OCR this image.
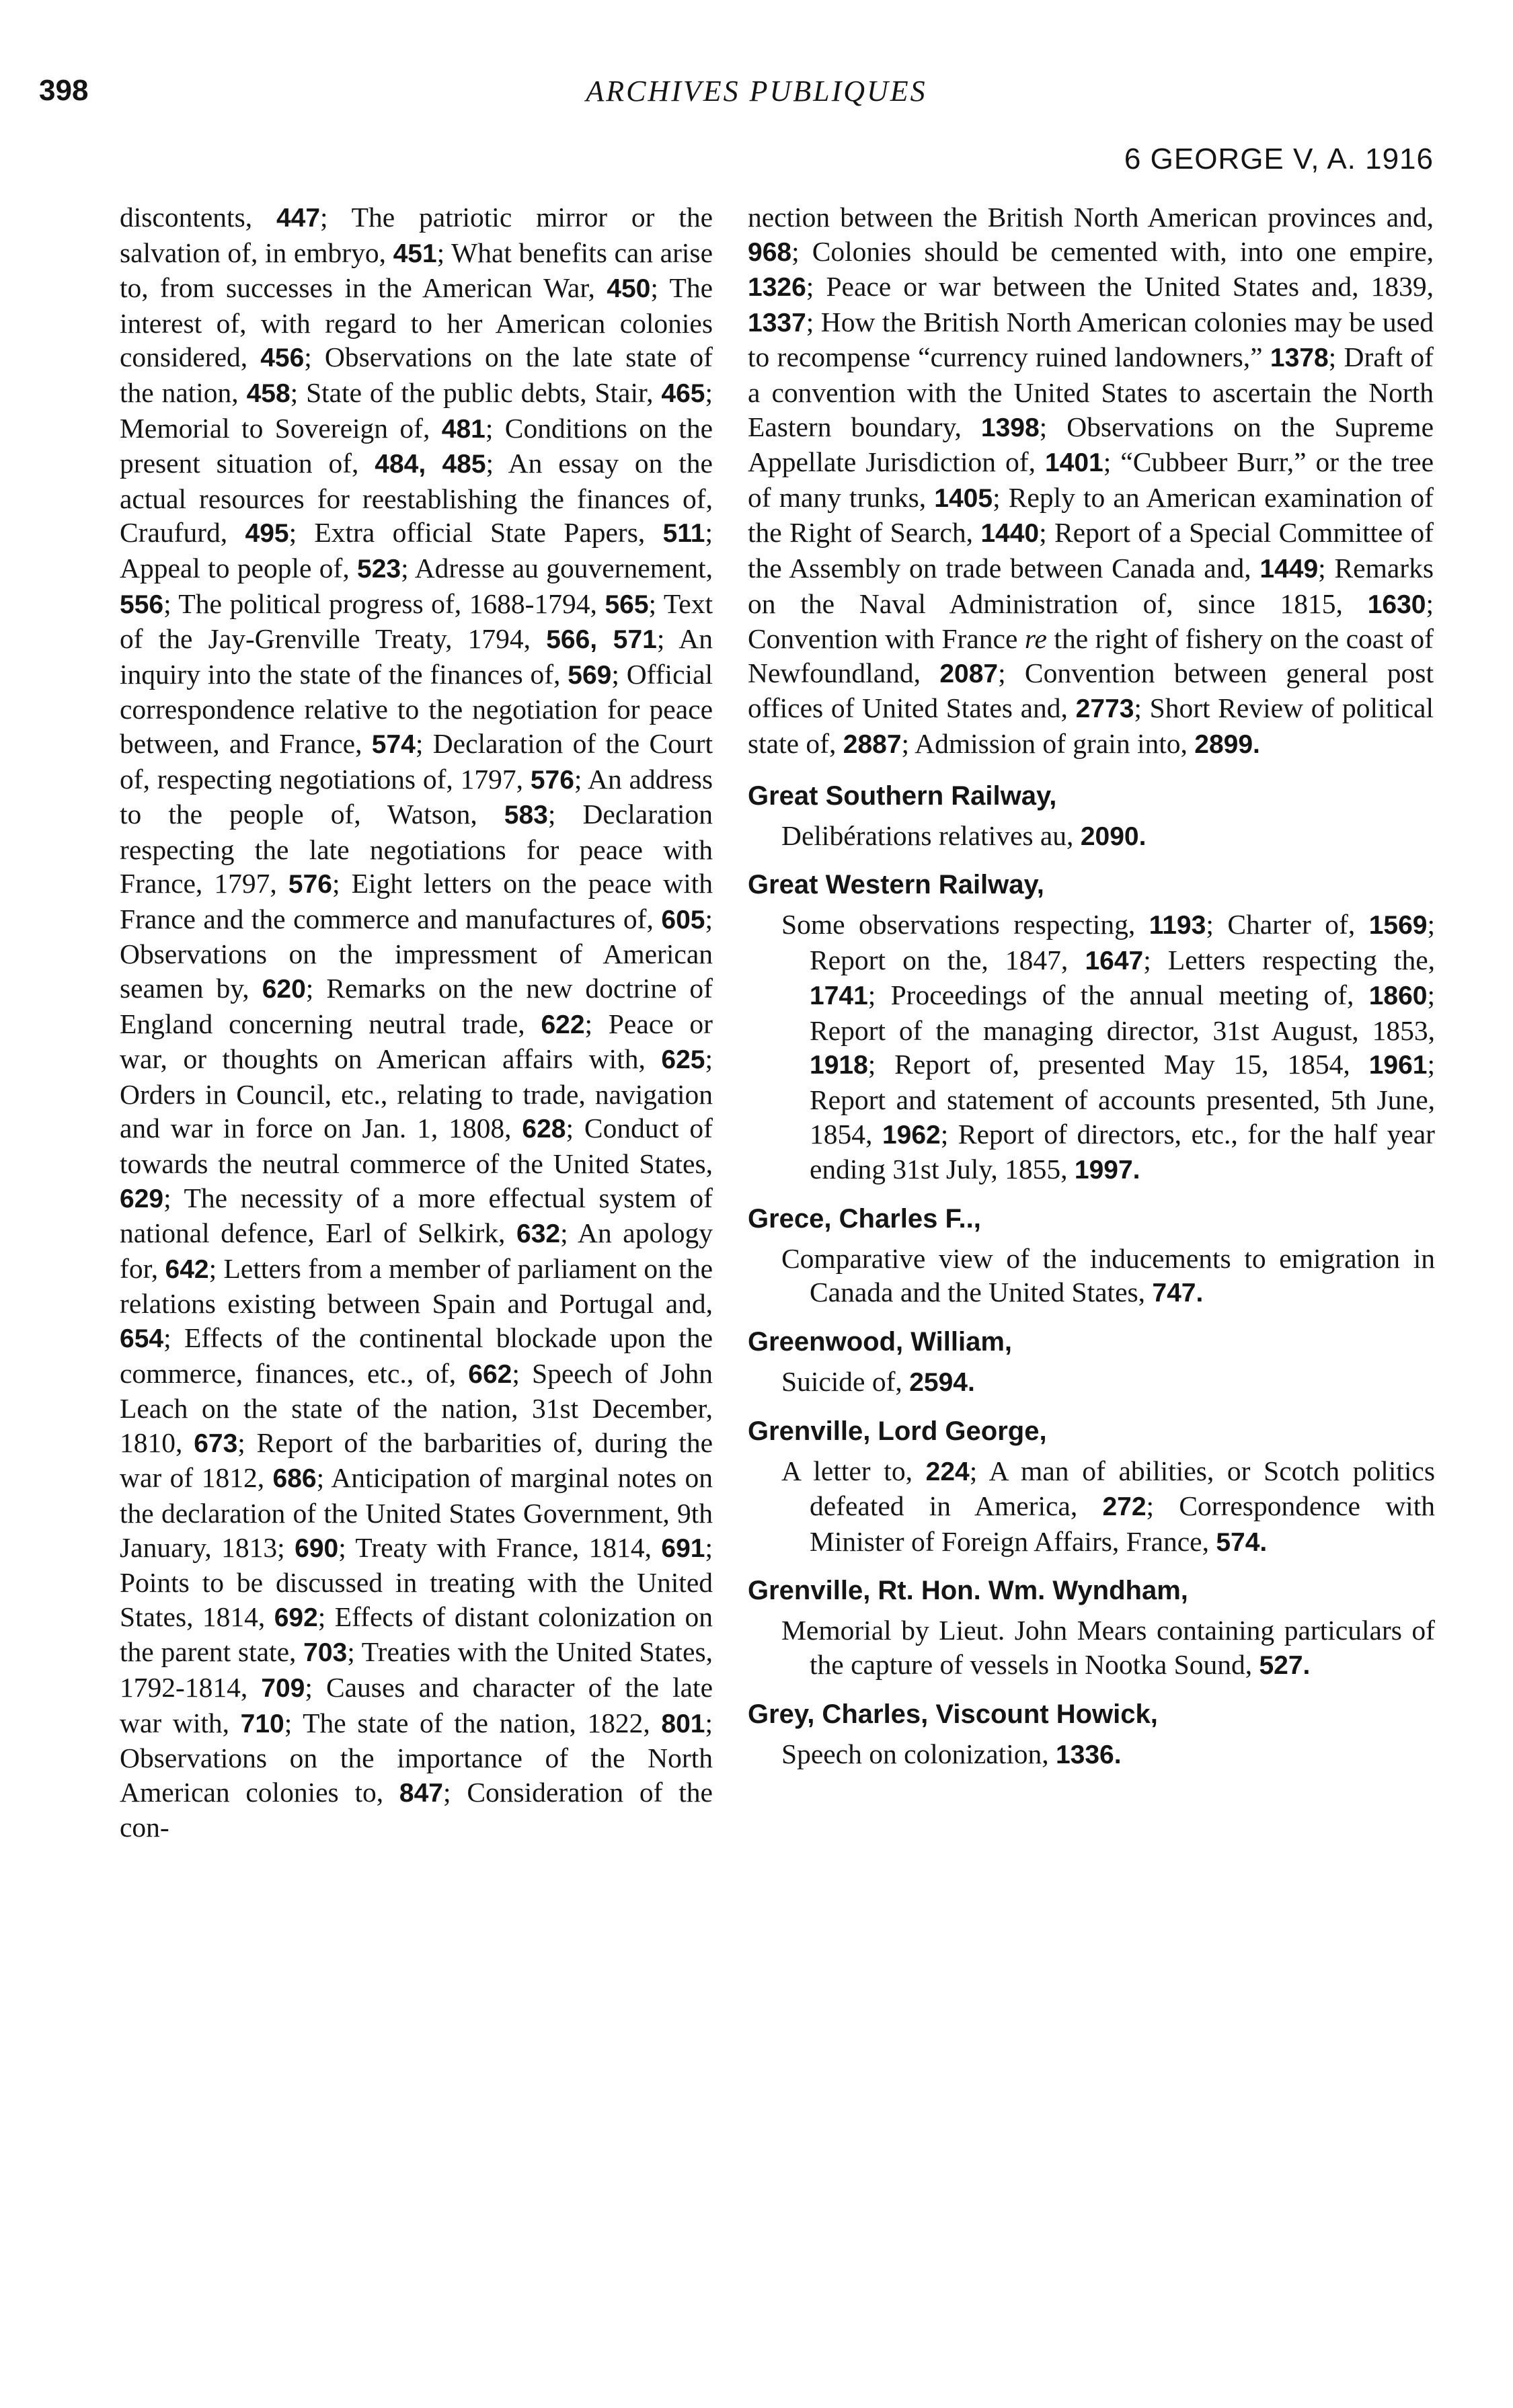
398	ARCHIVES PUBLIQUES
6 GEORGE V, A. 1916

discontents, 447; The patriotic mirror or the salvation of, in embryo, 451; What benefits can arise to, from successes in the American War, 450; The interest of, with regard to her American colonies considered, 456; Observations on the late state of the nation, 458; State of the public debts, Stair, 465; Memorial to Sovereign of, 481; Conditions on the present situation of, 484, 485; An essay on the actual resources for reestablishing the finances of, Craufurd, 495; Extra official State Papers, 511; Appeal to people of, 523; Adresse au gouvernement, 556; The political progress of, 1688-1794, 565; Text of the Jay-Grenville Treaty, 1794, 566, 571; An inquiry into the state of the finances of, 569; Official correspondence relative to the negotiation for peace between, and France, 574; Declaration of the Court of, respecting negotiations of, 1797, 576; An address to the people of, Watson, 583; Declaration respecting the late negotiations for peace with France, 1797, 576; Eight letters on the peace with France and the commerce and manufactures of, 605; Observations on the impressment of American seamen by, 620; Remarks on the new doctrine of England concerning neutral trade, 622; Peace or war, or thoughts on American affairs with, 625; Orders in Council, etc., relating to trade, navigation and war in force on Jan. 1, 1808, 628; Conduct of towards the neutral commerce of the United States, 629; The necessity of a more effectual system of national defence, Earl of Selkirk, 632; An apology for, 642; Letters from a member of parliament on the relations existing between Spain and Portugal and, 654; Effects of the continental blockade upon the commerce, finances, etc., of, 662; Speech of John Leach on the state of the nation, 31st December, 1810, 673; Report of the barbarities of, during the war of 1812, 686; Anticipation of marginal notes on the declaration of the United States Government, 9th January, 1813; 690; Treaty with France, 1814, 691; Points to be discussed in treating with the United States, 1814, 692; Effects of distant colonization on the parent state, 703; Treaties with the United States, 1792-1814, 709; Causes and character of the late war with, 710; The state of the nation, 1822, 801; Observations on the importance of the North American colonies to, 847; Consideration of the con-

nection between the British North American provinces and, 968; Colonies should be cemented with, into one empire, 1326; Peace or war between the United States and, 1839, 1337; How the British North American colonies may be used to recompense “currency ruined landowners,” 1378; Draft of a convention with the United States to ascertain the North Eastern boundary, 1398; Observations on the Supreme Appellate Jurisdiction of, 1401; “Cubbeer Burr,” or the tree of many trunks, 1405; Reply to an American examination of the Right of Search, 1440; Report of a Special Committee of the Assembly on trade between Canada and, 1449; Remarks on the Naval Administration of, since 1815, 1630; Convention with France re the right of fishery on the coast of Newfoundland, 2087; Convention between general post offices of United States and, 2773; Short Review of political state of, 2887; Admission of grain into, 2899.

Great Southern Railway,

Delibérations relatives au, 2090.

Great Western Railway,

Some observations respecting, 1193; Charter of, 1569; Report on the, 1847, 1647; Letters respecting the, 1741; Proceedings of the annual meeting of, 1860; Report of the managing director, 31st August, 1853, 1918; Report of, presented May 15, 1854, 1961; Report and statement of accounts presented, 5th June, 1854, 1962; Report of directors, etc., for the half year ending 31st July, 1855, 1997.

Grece, Charles F..,

Comparative view of the inducements to emigration in Canada and the United States, 747.

Greenwood, William,

Suicide of, 2594.

Grenville, Lord George,

A letter to, 224; A man of abilities, or Scotch politics defeated in America, 272; Correspondence with Minister of Foreign Affairs, France, 574.

Grenville, Rt. Hon. Wm. Wyndham,

Memorial by Lieut. John Mears containing particulars of the capture of vessels in Nootka Sound, 527.

Grey, Charles, Viscount Howick,

Speech on colonization, 1336.
